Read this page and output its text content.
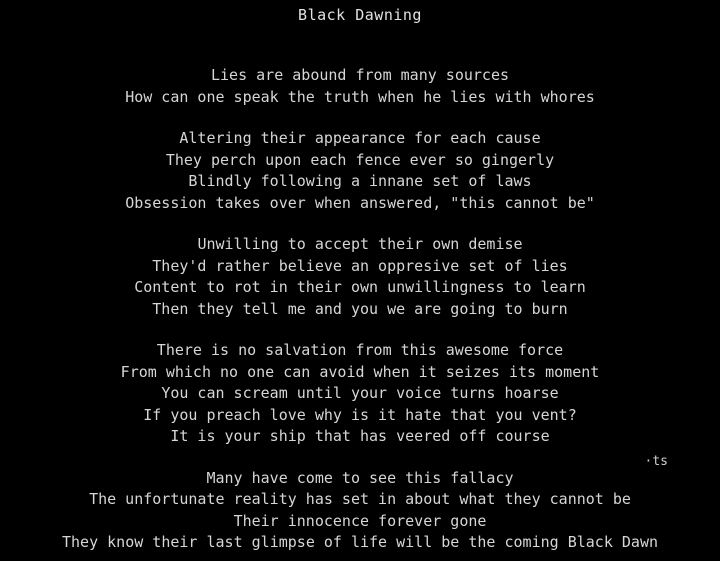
Black Dawning
Lies are abound from many sources
How can one speak the truth when he lies with whores
Altering their appearance for each cause
They perch upon each fence ever so gingerly
Blindly following a innane set of laws
Obsession takes over when answered, "this cannot be"
Unwilling to accept their own demise
They'd rather believe an oppresive set of lies
Content to rot in their own unwillingness to learn
Then they tell me and you we are going to burn
There is no salvation from this awesome force
From which no one can avoid when it seizes its moment
You can scream until your voice turns hoarse
If you preach love why is it hate that you vent?
It is your ship that has veered off course
Many have come to see this fallacy
The unfortunate reality has set in about what they cannot be
Their innocence forever gone
They know their last glimpse of life will be the coming Black Dawn
·ts
